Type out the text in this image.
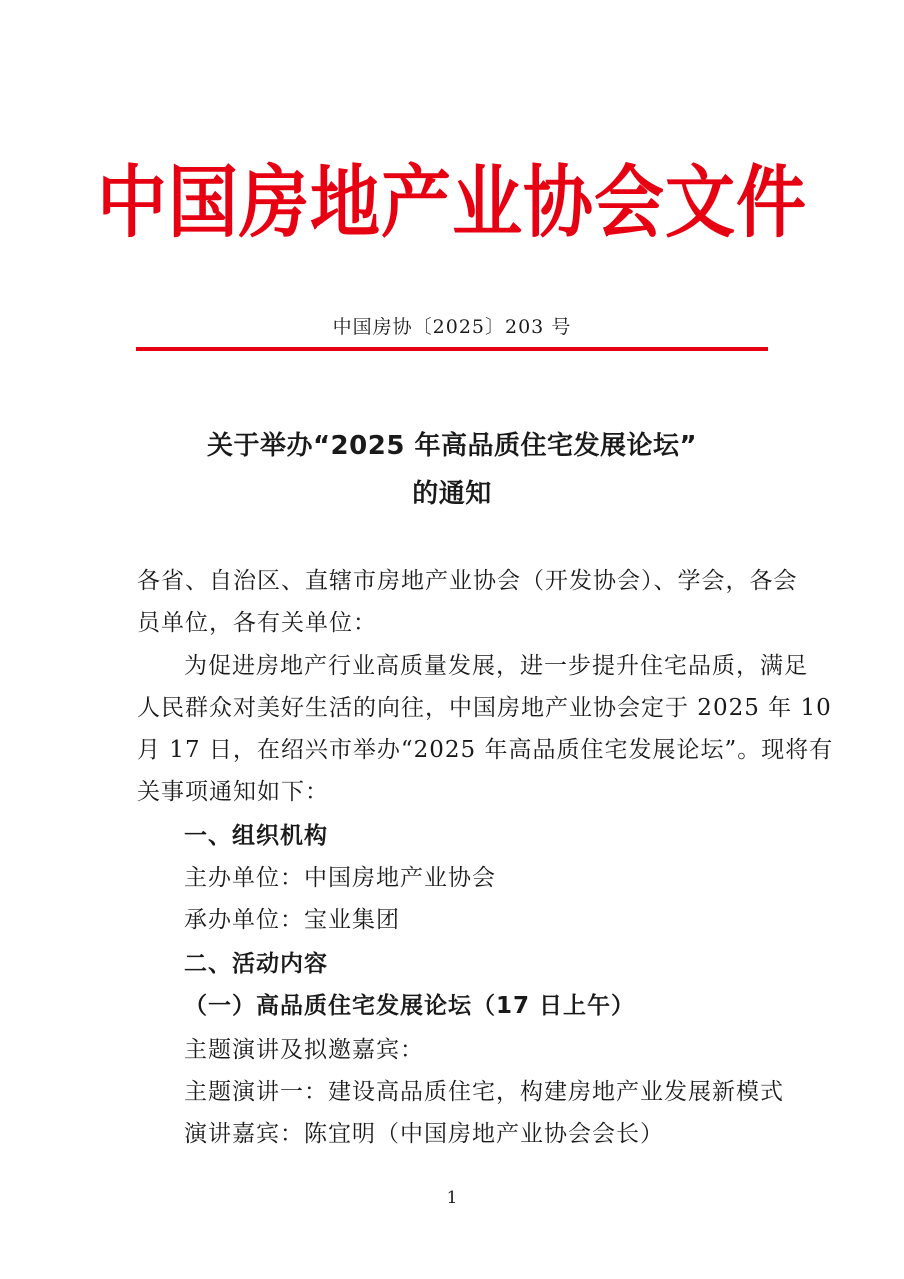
中国房地产业协会文件
中国房协〔2025〕203 号
关于举办“2025 年高品质住宅发展论坛”
的通知
各省、自治区、直辖市房地产业协会（开发协会）、学会，各会
员单位，各有关单位：
为促进房地产行业高质量发展，进一步提升住宅品质，满足
人民群众对美好生活的向往，中国房地产业协会定于 2025 年 10
月 17 日，在绍兴市举办“2025 年高品质住宅发展论坛”。现将有
关事项通知如下：
一、组织机构
主办单位：中国房地产业协会
承办单位：宝业集团
二、活动内容
（一）高品质住宅发展论坛（17 日上午）
主题演讲及拟邀嘉宾：
主题演讲一：建设高品质住宅，构建房地产业发展新模式
演讲嘉宾：陈宜明（中国房地产业协会会长）
1
